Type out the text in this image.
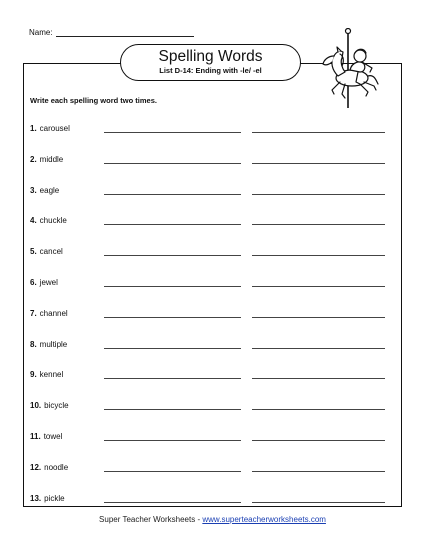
Name:
Spelling Words
List D-14: Ending with -le/ -el
Write each spelling word two times.
1. carousel
2. middle
3. eagle
4. chuckle
5. cancel
6. jewel
7. channel
8. multiple
9. kennel
10. bicycle
11. towel
12. noodle
13. pickle
Super Teacher Worksheets - www.superteacherworksheets.com
